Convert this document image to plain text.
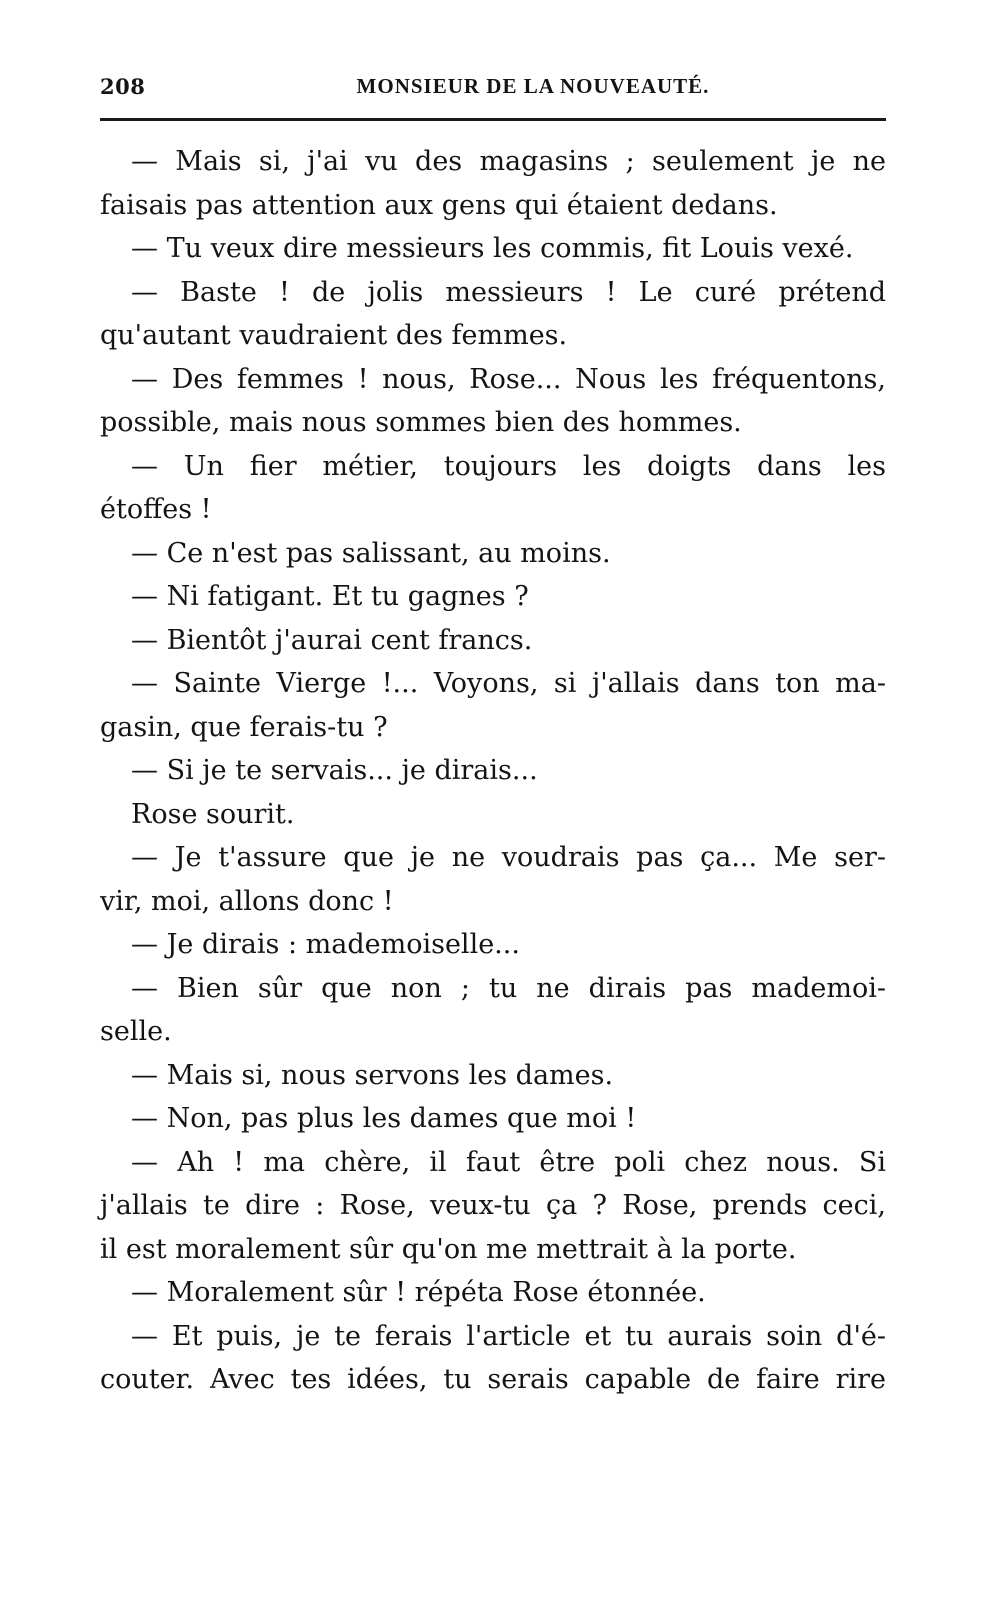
208	MONSIEUR DE LA NOUVEAUTÉ.
— Mais si, j'ai vu des magasins ; seulement je ne
faisais pas attention aux gens qui étaient dedans.
— Tu veux dire messieurs les commis, fit Louis vexé.
— Baste ! de jolis messieurs ! Le curé prétend
qu'autant vaudraient des femmes.
— Des femmes ! nous, Rose... Nous les fréquentons,
possible, mais nous sommes bien des hommes.
— Un fier métier, toujours les doigts dans les
étoffes !
— Ce n'est pas salissant, au moins.
— Ni fatigant. Et tu gagnes ?
— Bientôt j'aurai cent francs.
— Sainte Vierge !... Voyons, si j'allais dans ton ma-
gasin, que ferais-tu ?
— Si je te servais... je dirais...
Rose sourit.
— Je t'assure que je ne voudrais pas ça... Me ser-
vir, moi, allons donc !
— Je dirais : mademoiselle...
— Bien sûr que non ; tu ne dirais pas mademoi-
selle.
— Mais si, nous servons les dames.
— Non, pas plus les dames que moi !
— Ah ! ma chère, il faut être poli chez nous. Si
j'allais te dire : Rose, veux-tu ça ? Rose, prends ceci,
il est moralement sûr qu'on me mettrait à la porte.
— Moralement sûr ! répéta Rose étonnée.
— Et puis, je te ferais l'article et tu aurais soin d'é-
couter. Avec tes idées, tu serais capable de faire rire
